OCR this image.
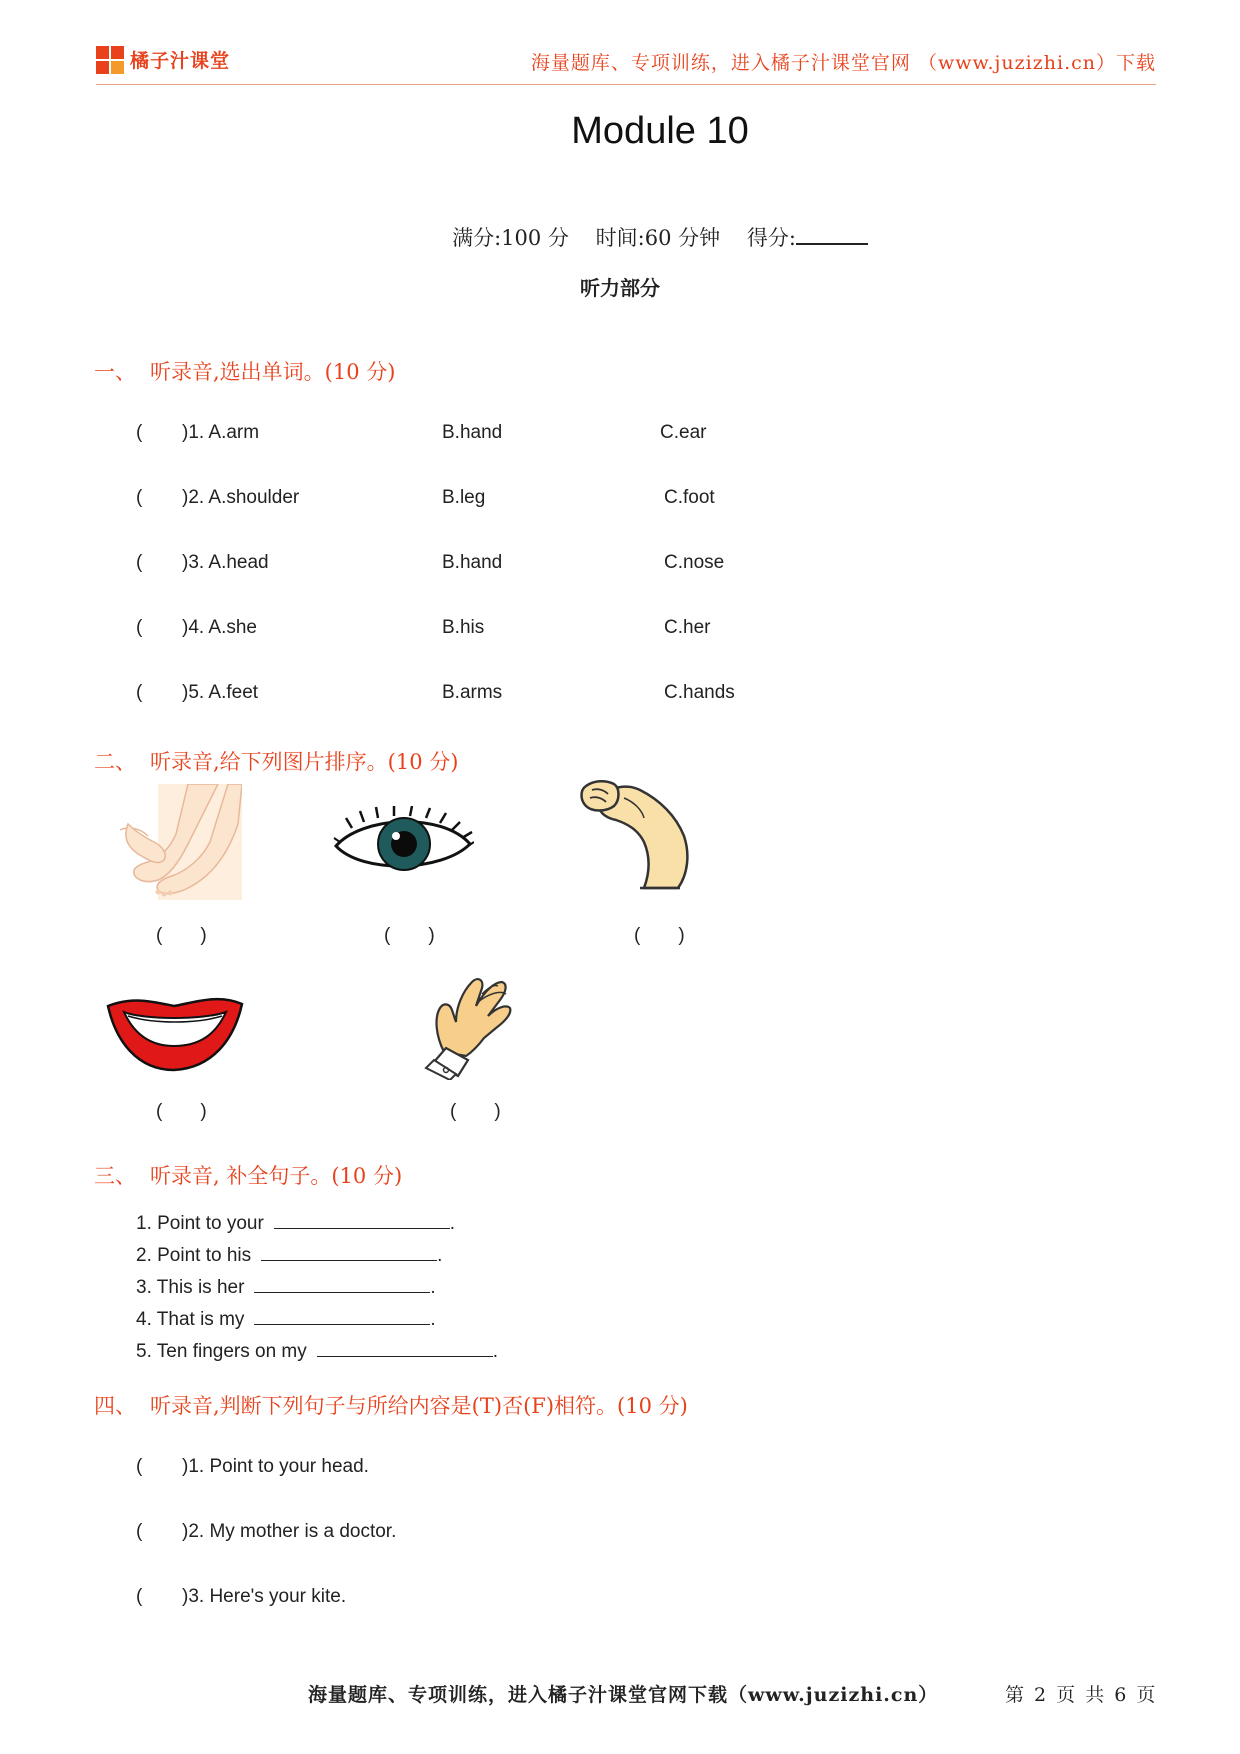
橘子汁课堂	海量题库、专项训练，进入橘子汁课堂官网 （www.juzizhi.cn）下载
Module 10
满分:100 分 时间:60 分钟 得分:
听力部分
一、 听录音,选出单词。(10 分)
( )1. A.arm	B.hand	C.ear
( )2. A.shoulder	B.leg	C.foot
( )3. A.head	B.hand	C.nose
( )4. A.she	B.his	C.her
( )5. A.feet	B.arms	C.hands
二、 听录音,给下列图片排序。(10 分)
(　　)	(　　)	(　　)
(　　)	(　　)
三、 听录音, 补全句子。(10 分)
1. Point to your	.
2. Point to his	.
3. This is her	.
4. That is my	.
5. Ten fingers on my	.
四、 听录音,判断下列句子与所给内容是(T)否(F)相符。(10 分)
( )1. Point to your head.
( )2. My mother is a doctor.
( )3. Here's your kite.
海量题库、专项训练，进入橘子汁课堂官网下载（www.juzizhi.cn）	第 2 页 共 6 页
